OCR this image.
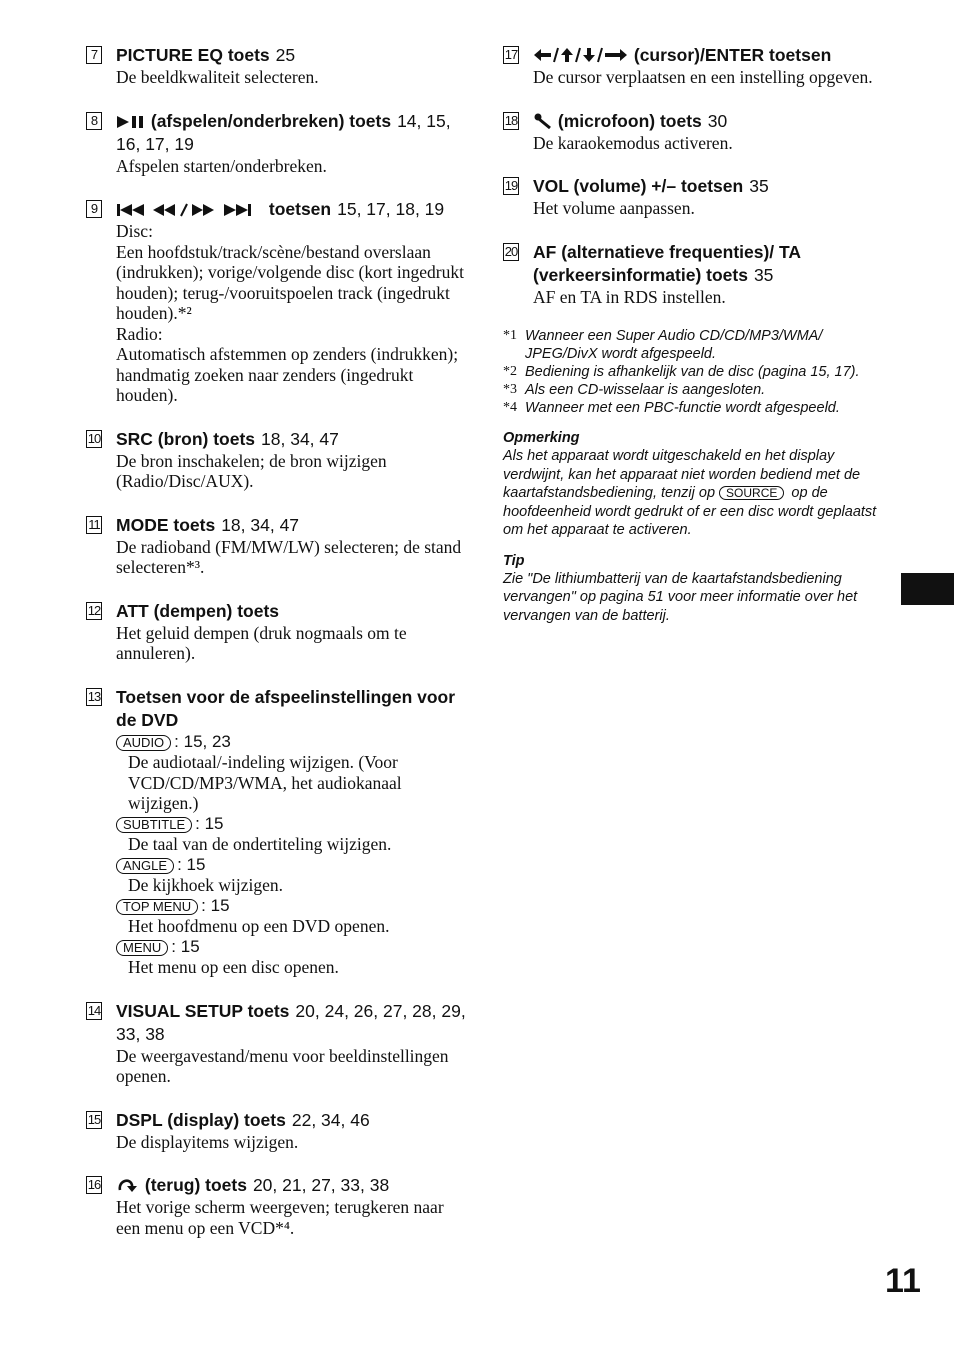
7 PICTURE EQ toets 25
De beeldkwaliteit selecteren.
8	(afspelen/onderbreken) toets 14, 15, 16, 17, 19
Afspelen starten/onderbreken.
9	toetsen 15, 17, 18, 19
Disc:
Een hoofdstuk/track/scène/bestand overslaan (indrukken); vorige/volgende disc (kort ingedrukt houden); terug-/vooruitspoelen track (ingedrukt houden).*²
Radio:
Automatisch afstemmen op zenders (indrukken); handmatig zoeken naar zenders (ingedrukt houden).
10 SRC (bron) toets 18, 34, 47
De bron inschakelen; de bron wijzigen (Radio/Disc/AUX).
11 MODE toets 18, 34, 47
De radioband (FM/MW/LW) selecteren; de stand selecteren*³.
12 ATT (dempen) toets
Het geluid dempen (druk nogmaals om te annuleren).
13 Toetsen voor de afspeelinstellingen voor de DVD
AUDIO : 15, 23
De audiotaal/-indeling wijzigen. (Voor VCD/CD/MP3/WMA, het audiokanaal wijzigen.)
SUBTITLE : 15
De taal van de ondertiteling wijzigen.
ANGLE : 15
De kijkhoek wijzigen.
TOP MENU : 15
Het hoofdmenu op een DVD openen.
MENU : 15
Het menu op een disc openen.
14 VISUAL SETUP toets 20, 24, 26, 27, 28, 29, 33, 38
De weergavestand/menu voor beeldinstellingen openen.
15 DSPL (display) toets 22, 34, 46
De displayitems wijzigen.
16	(terug) toets 20, 21, 27, 33, 38
Het vorige scherm weergeven; terugkeren naar een menu op een VCD*⁴.
17	(cursor)/ENTER toetsen
De cursor verplaatsen en een instelling opgeven.
18	(microfoon) toets 30
De karaokemodus activeren.
19 VOL (volume) +/– toetsen 35
Het volume aanpassen.
20 AF (alternatieve frequenties)/ TA (verkeersinformatie) toets 35
AF en TA in RDS instellen.
*1 Wanneer een Super Audio CD/CD/MP3/WMA/ JPEG/DivX wordt afgespeeld.
*2 Bediening is afhankelijk van de disc (pagina 15, 17).
*3 Als een CD-wisselaar is aangesloten.
*4 Wanneer met een PBC-functie wordt afgespeeld.
Opmerking
Als het apparaat wordt uitgeschakeld en het display verdwijnt, kan het apparaat niet worden bediend met de kaartafstandsbediening, tenzij op SOURCE op de hoofdeenheid wordt gedrukt of er een disc wordt geplaatst om het apparaat te activeren.
Tip
Zie "De lithiumbatterij van de kaartafstandsbediening vervangen" op pagina 51 voor meer informatie over het vervangen van de batterij.
11
